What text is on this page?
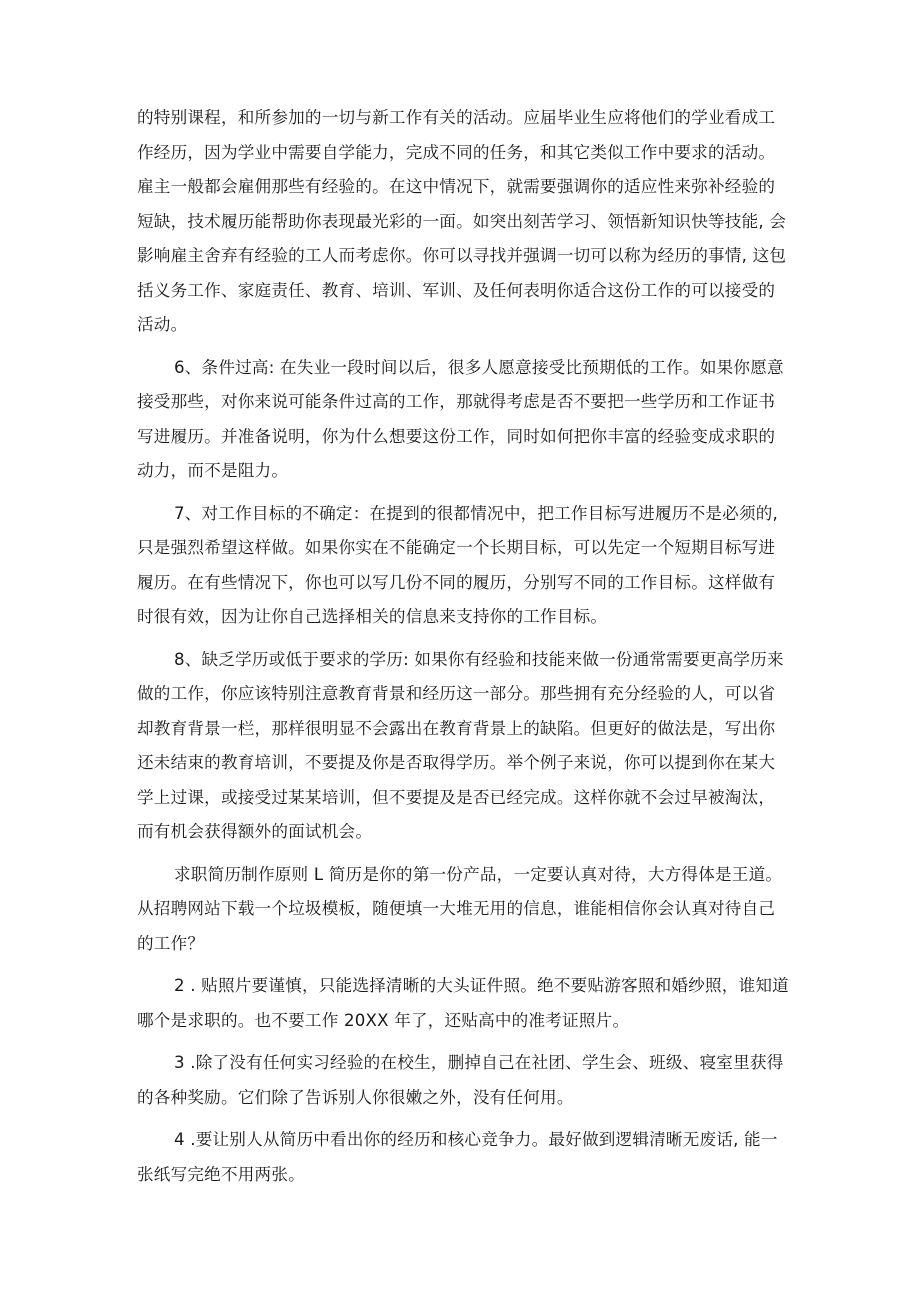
的特别课程，和所参加的一切与新工作有关的活动。应届毕业生应将他们的学业看成工
作经历，因为学业中需要自学能力，完成不同的任务，和其它类似工作中要求的活动。
雇主一般都会雇佣那些有经验的。在这中情况下，就需要强调你的适应性来弥补经验的
短缺，技术履历能帮助你表现最光彩的一面。如突出刻苦学习、领悟新知识快等技能, 会
影响雇主舍弃有经验的工人而考虑你。你可以寻找并强调一切可以称为经历的事情, 这包
括义务工作、家庭责任、教育、培训、军训、及任何表明你适合这份工作的可以接受的
活动。

6、条件过高: 在失业一段时间以后，很多人愿意接受比预期低的工作。如果你愿意
接受那些，对你来说可能条件过高的工作，那就得考虑是否不要把一些学历和工作证书
写进履历。并准备说明，你为什么想要这份工作，同时如何把你丰富的经验变成求职的
动力，而不是阻力。

7、对工作目标的不确定：在提到的很都情况中，把工作目标写进履历不是必须的,
只是强烈希望这样做。如果你实在不能确定一个长期目标，可以先定一个短期目标写进
履历。在有些情况下，你也可以写几份不同的履历，分别写不同的工作目标。这样做有
时很有效，因为让你自己选择相关的信息来支持你的工作目标。

8、缺乏学历或低于要求的学历: 如果你有经验和技能来做一份通常需要更高学历来
做的工作，你应该特别注意教育背景和经历这一部分。那些拥有充分经验的人，可以省
却教育背景一栏，那样很明显不会露出在教育背景上的缺陷。但更好的做法是，写出你
还未结束的教育培训，不要提及你是否取得学历。举个例子来说，你可以提到你在某大
学上过课，或接受过某某培训，但不要提及是否已经完成。这样你就不会过早被淘汰，
而有机会获得额外的面试机会。

求职简历制作原则 L 简历是你的第一份产品，一定要认真对待，大方得体是王道。
从招聘网站下载一个垃圾模板，随便填一大堆无用的信息，谁能相信你会认真对待自己
的工作？

2 . 贴照片要谨慎，只能选择清晰的大头证件照。绝不要贴游客照和婚纱照，谁知道
哪个是求职的。也不要工作 20XX 年了，还贴高中的准考证照片。

3 .除了没有任何实习经验的在校生，删掉自己在社团、学生会、班级、寝室里获得
的各种奖励。它们除了告诉别人你很嫩之外，没有任何用。

4 .要让别人从简历中看出你的经历和核心竞争力。最好做到逻辑清晰无废话, 能一
张纸写完绝不用两张。
